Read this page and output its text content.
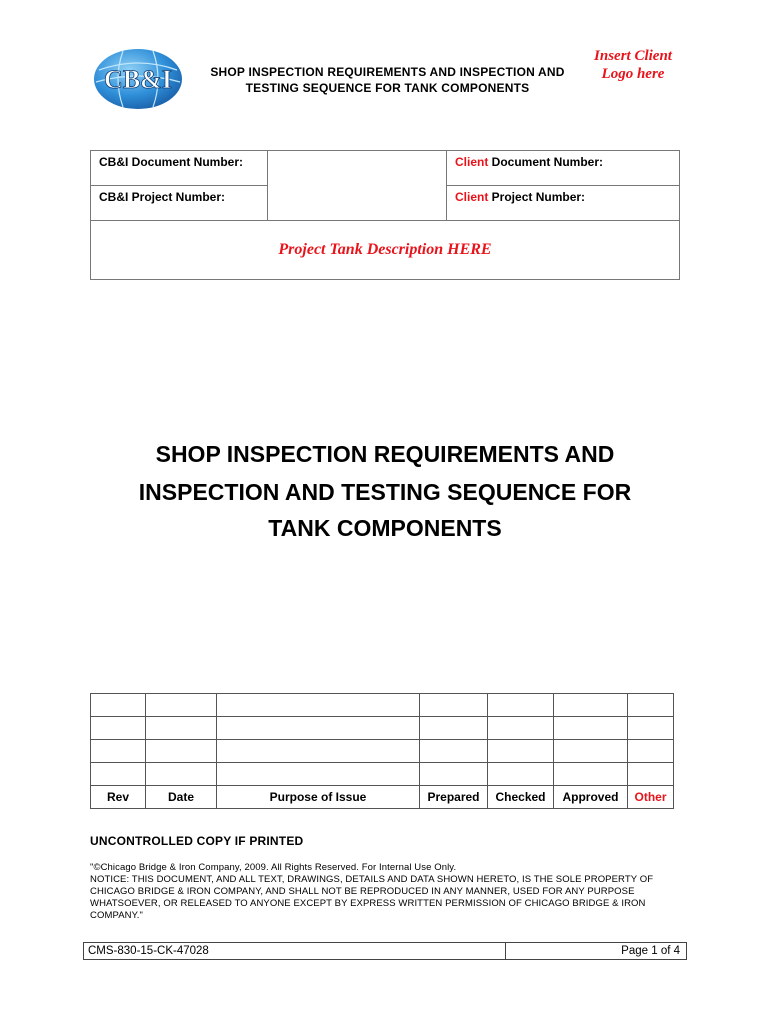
CB&I	SHOP INSPECTION REQUIREMENTS AND INSPECTION AND
TESTING SEQUENCE FOR TANK COMPONENTS
Insert Client
Logo here
CB&I Document Number:		Client Document Number:
CB&I Project Number:		Client Project Number:
Project Tank Description HERE		
SHOP INSPECTION REQUIREMENTS AND
INSPECTION AND TESTING SEQUENCE FOR
TANK COMPONENTS

Rev	Date	Purpose of Issue	Prepared	Checked	Approved	Other
UNCONTROLLED COPY IF PRINTED
"©Chicago Bridge & Iron Company, 2009. All Rights Reserved. For Internal Use Only.
NOTICE: THIS DOCUMENT, AND ALL TEXT, DRAWINGS, DETAILS AND DATA SHOWN HERETO, IS THE SOLE PROPERTY OF CHICAGO BRIDGE & IRON COMPANY, AND SHALL NOT BE REPRODUCED IN ANY MANNER, USED FOR ANY PURPOSE WHATSOEVER, OR RELEASED TO ANYONE EXCEPT BY EXPRESS WRITTEN PERMISSION OF CHICAGO BRIDGE & IRON COMPANY."
CMS-830-15-CK-47028	Page 1 of 4
